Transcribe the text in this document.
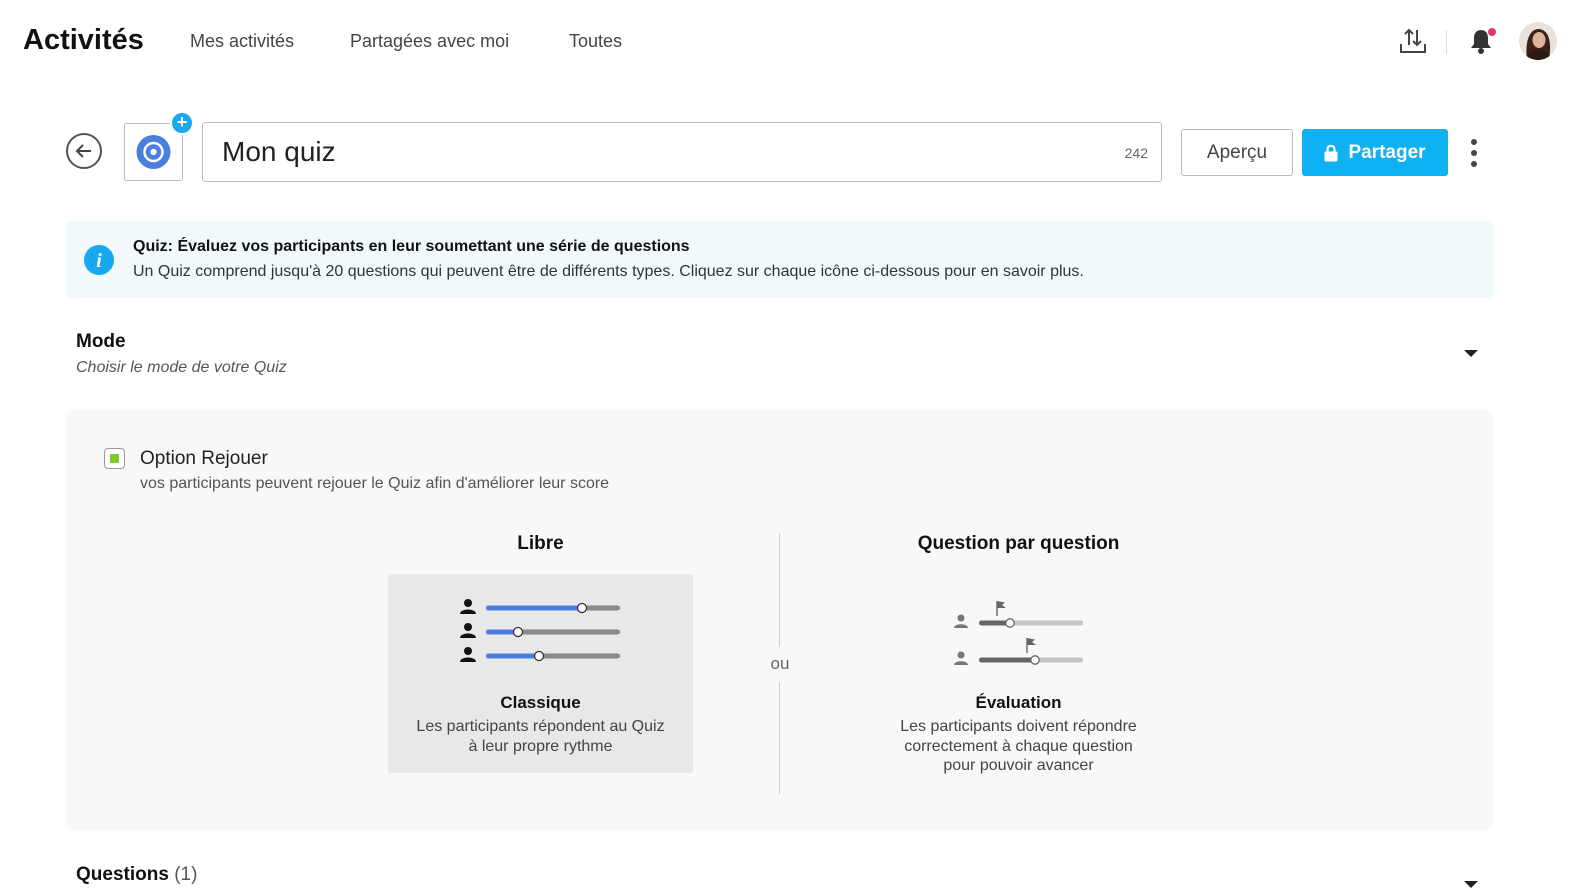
Activités	Mes activités	Partagées avec moi	Toutes
+
Mon quiz
242	Aperçu	Partager
i
Quiz: Évaluez vos participants en leur soumettant une série de questions
Un Quiz comprend jusqu'à 20 questions qui peuvent être de différents types. Cliquez sur chaque icône ci-dessous pour en savoir plus.
Mode
Choisir le mode de votre Quiz
Option Rejouer
vos participants peuvent rejouer le Quiz afin d'améliorer leur score
Libre
Classique
Les participants répondent au Quiz
à leur propre rythme
ou
Question par question
Évaluation
Les participants doivent répondre
correctement à chaque question
pour pouvoir avancer
Questions (1)
